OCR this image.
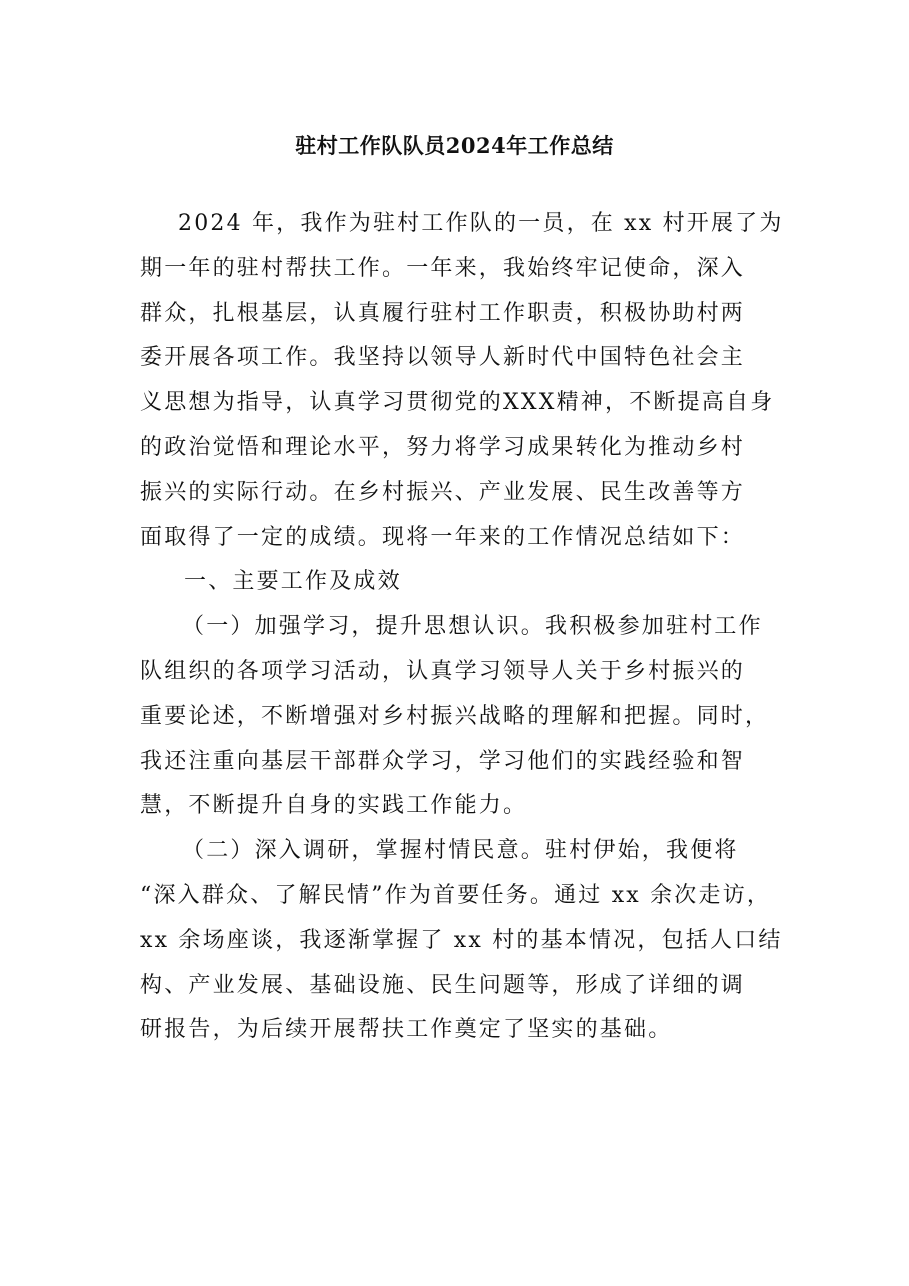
驻村工作队队员2024年工作总结
2024 年，我作为驻村工作队的一员，在 xx 村开展了为
期一年的驻村帮扶工作。一年来，我始终牢记使命，深入
群众，扎根基层，认真履行驻村工作职责，积极协助村两
委开展各项工作。我坚持以领导人新时代中国特色社会主
义思想为指导，认真学习贯彻党的XXX精神，不断提高自身
的政治觉悟和理论水平，努力将学习成果转化为推动乡村
振兴的实际行动。在乡村振兴、产业发展、民生改善等方
面取得了一定的成绩。现将一年来的工作情况总结如下：
一、主要工作及成效
（一）加强学习，提升思想认识。我积极参加驻村工作
队组织的各项学习活动，认真学习领导人关于乡村振兴的
重要论述，不断增强对乡村振兴战略的理解和把握。同时，
我还注重向基层干部群众学习，学习他们的实践经验和智
慧，不断提升自身的实践工作能力。
（二）深入调研，掌握村情民意。驻村伊始，我便将
“深入群众、了解民情”作为首要任务。通过 xx 余次走访，
xx 余场座谈，我逐渐掌握了 xx 村的基本情况，包括人口结
构、产业发展、基础设施、民生问题等，形成了详细的调
研报告，为后续开展帮扶工作奠定了坚实的基础。
